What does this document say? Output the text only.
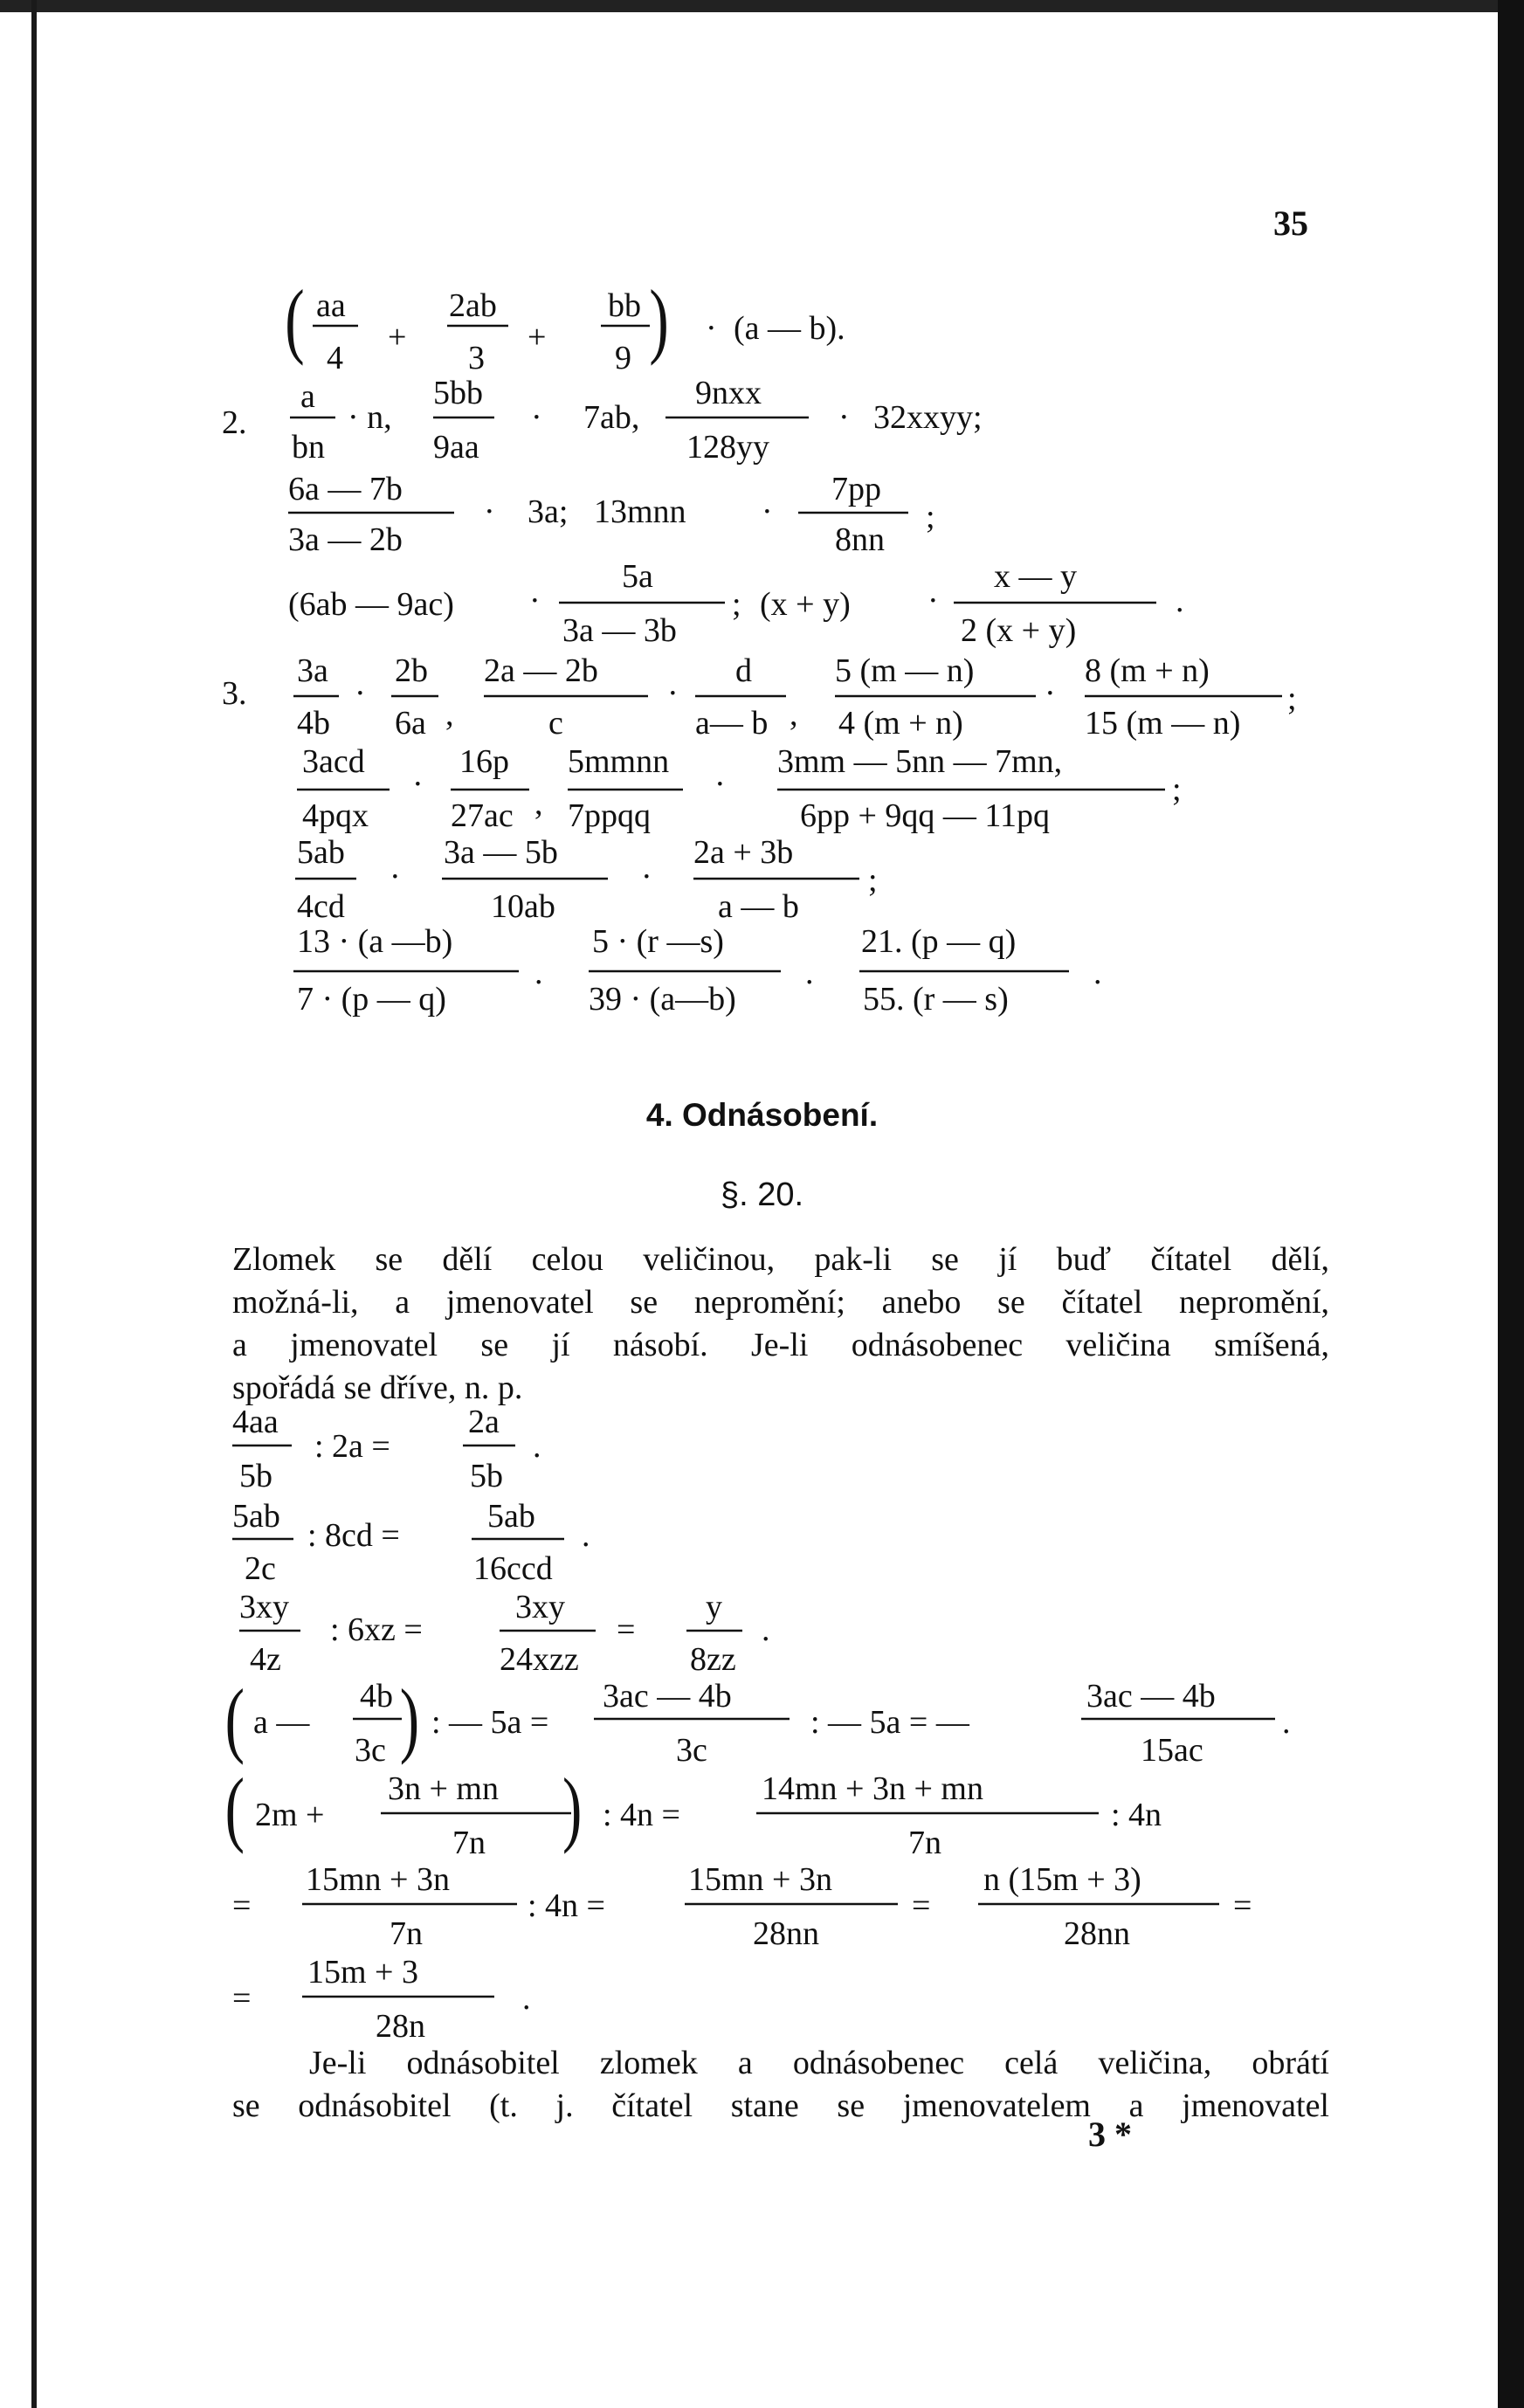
35
( aa
4
+
2ab
3
+
bb
9 ) · (a — b).
2.
a
bn
· n,
5bb
9aa
· 7ab,
9nxx
128yy
· 32xxyy;
6a — 7b
3a — 2b
· 3a; 13mnn ·
7pp
8nn
;
(6ab — 9ac) ·
5a
3a — 3b
; (x + y) ·
x — y
2 (x + y)
.
3.
3a
4b
·
2b
6a ,
2a — 2b
c
·
d
a— b ,
5 (m — n)
4 (m + n)
·
8 (m + n)
15 (m — n)
;
3acd
4pqx
·
16p
27ac ,
5mmnn
7ppqq
·
3mm — 5nn — 7mn,
6pp + 9qq — 11pq
;
5ab
4cd
·
3a — 5b
10ab
·
2a + 3b
a — b
;
13 · (a —b)
7 · (p — q)
.
5 · (r —s)
39 · (a—b)
.
21. (p — q)
55. (r — s)
.
4. Odnásobení.
§. 20.
Zlomek se dělí celou veličinou, pak-li se jí buď čítatel dělí,
možná-li, a jmenovatel se nepromění; anebo se čítatel nepromění,
a jmenovatel se jí násobí. Je-li odnásobenec veličina smíšená,
spořádá se dříve, n. p.
4aa
5b
: 2a =
2a
5b
.
5ab
2c
: 8cd =
5ab
16ccd
.
3xy
4z
: 6xz =
3xy
24xzz
=
y
8zz
.
( a —
4b
3c ) : — 5a =
3ac — 4b
3c
: — 5a = —
3ac — 4b
15ac
.
( 2m +
3n + mn
7n ) : 4n =
14mn + 3n + mn
7n
: 4n
=
15mn + 3n
7n
: 4n =
15mn + 3n
28nn
=
n (15m + 3)
28nn
=
=
15m + 3
28n
.
Je-li odnásobitel zlomek a odnásobenec celá veličina, obrátí
se odnásobitel (t. j. čítatel stane se jmenovatelem a jmenovatel
3 *
